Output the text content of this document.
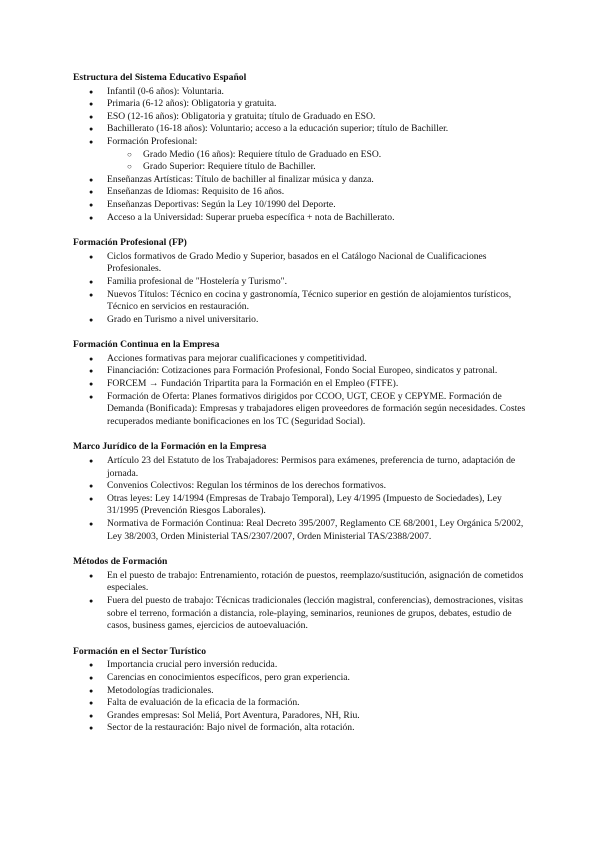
Estructura del Sistema Educativo Español
● Infantil (0-6 años): Voluntaria.
● Primaria (6-12 años): Obligatoria y gratuita.
● ESO (12-16 años): Obligatoria y gratuita; título de Graduado en ESO.
● Bachillerato (16-18 años): Voluntario; acceso a la educación superior; título de Bachiller.
● Formación Profesional:
○ Grado Medio (16 años): Requiere título de Graduado en ESO.
○ Grado Superior: Requiere título de Bachiller.
● Enseñanzas Artísticas: Título de bachiller al finalizar música y danza.
● Enseñanzas de Idiomas: Requisito de 16 años.
● Enseñanzas Deportivas: Según la Ley 10/1990 del Deporte.
● Acceso a la Universidad: Superar prueba específica + nota de Bachillerato.
Formación Profesional (FP)
● Ciclos formativos de Grado Medio y Superior, basados en el Catálogo Nacional de Cualificaciones Profesionales.
● Familia profesional de "Hostelería y Turismo".
● Nuevos Títulos: Técnico en cocina y gastronomía, Técnico superior en gestión de alojamientos turísticos, Técnico en servicios en restauración.
● Grado en Turismo a nivel universitario.
Formación Continua en la Empresa
● Acciones formativas para mejorar cualificaciones y competitividad.
● Financiación: Cotizaciones para Formación Profesional, Fondo Social Europeo, sindicatos y patronal.
● FORCEM → Fundación Tripartita para la Formación en el Empleo (FTFE).
● Formación de Oferta: Planes formativos dirigidos por CCOO, UGT, CEOE y CEPYME. Formación de Demanda (Bonificada): Empresas y trabajadores eligen proveedores de formación según necesidades. Costes recuperados mediante bonificaciones en los TC (Seguridad Social).
Marco Jurídico de la Formación en la Empresa
● Artículo 23 del Estatuto de los Trabajadores: Permisos para exámenes, preferencia de turno, adaptación de jornada.
● Convenios Colectivos: Regulan los términos de los derechos formativos.
● Otras leyes: Ley 14/1994 (Empresas de Trabajo Temporal), Ley 4/1995 (Impuesto de Sociedades), Ley 31/1995 (Prevención Riesgos Laborales).
● Normativa de Formación Continua: Real Decreto 395/2007, Reglamento CE 68/2001, Ley Orgánica 5/2002, Ley 38/2003, Orden Ministerial TAS/2307/2007, Orden Ministerial TAS/2388/2007.
Métodos de Formación
● En el puesto de trabajo: Entrenamiento, rotación de puestos, reemplazo/sustitución, asignación de cometidos especiales.
● Fuera del puesto de trabajo: Técnicas tradicionales (lección magistral, conferencias), demostraciones, visitas sobre el terreno, formación a distancia, role-playing, seminarios, reuniones de grupos, debates, estudio de casos, business games, ejercicios de autoevaluación.
Formación en el Sector Turístico
● Importancia crucial pero inversión reducida.
● Carencias en conocimientos específicos, pero gran experiencia.
● Metodologías tradicionales.
● Falta de evaluación de la eficacia de la formación.
● Grandes empresas: Sol Meliá, Port Aventura, Paradores, NH, Riu.
● Sector de la restauración: Bajo nivel de formación, alta rotación.
